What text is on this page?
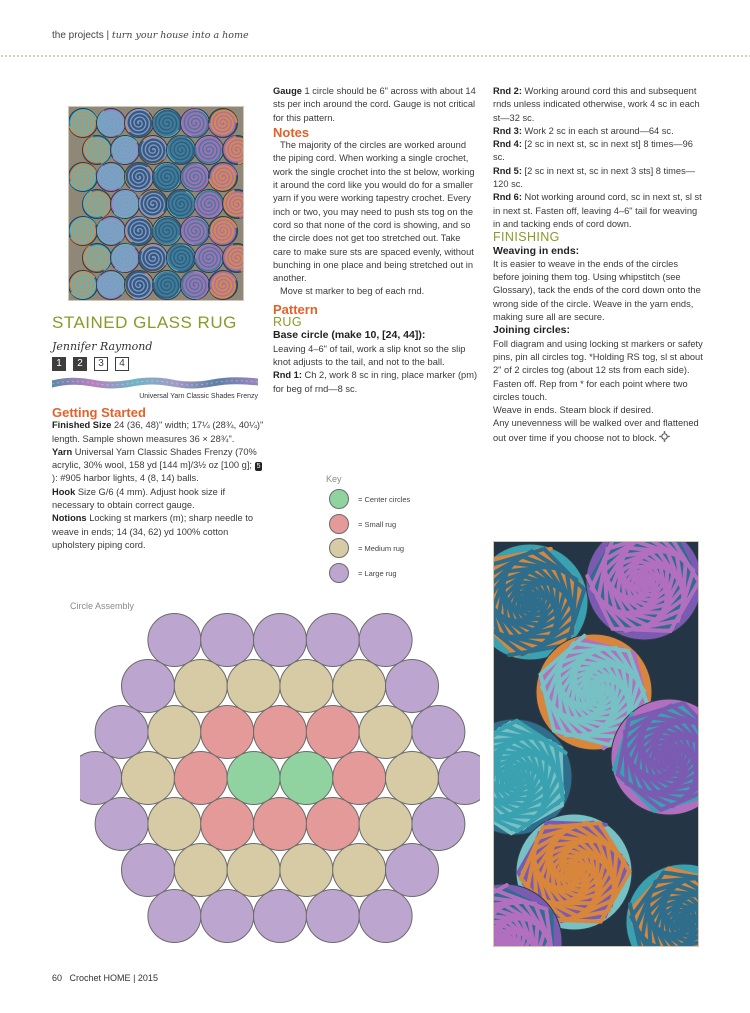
the projects | turn your house into a home
STAINED GLASS RUG
Jennifer Raymond
1	2	3	4
Universal Yarn Classic Shades Frenzy
Getting Started

Finished Size 24 (36, 48)" width; 17¼ (28¾, 40¼)" length. Sample shown measures 36 × 28¾".

Yarn Universal Yarn Classic Shades Frenzy (70% acrylic, 30% wool, 158 yd [144 m]/3½ oz [100 g]; 5): #905 harbor lights, 4 (8, 14) balls.

Hook Size G/6 (4 mm). Adjust hook size if necessary to obtain correct gauge.

Notions Locking st markers (m); sharp needle to weave in ends; 14 (34, 62) yd 100% cotton upholstery piping cord.

Gauge 1 circle should be 6" across with about 14 sts per inch around the cord. Gauge is not critical for this pattern.

Notes

The majority of the circles are worked around the piping cord. When working a single crochet, work the single crochet into the st below, working it around the cord like you would do for a smaller yarn if you were working tapestry crochet. Every inch or two, you may need to push sts tog on the cord so that none of the cord is showing, and so the circle does not get too stretched out. Take care to make sure sts are spaced evenly, without bunching in one place and being stretched out in another.

Move st marker to beg of each rnd.

Pattern
RUG
Base circle (make 10, [24, 44]):

Leaving 4–6" of tail, work a slip knot so the slip knot adjusts to the tail, and not to the ball.

Rnd 1: Ch 2, work 8 sc in ring, place marker (pm) for beg of rnd—8 sc.

Key
= Center circles
= Small rug
= Medium rug
= Large rug

Rnd 2: Working around cord this and subsequent rnds unless indicated otherwise, work 4 sc in each st—32 sc.

Rnd 3: Work 2 sc in each st around—64 sc.

Rnd 4: [2 sc in next st, sc in next st] 8 times—96 sc.

Rnd 5: [2 sc in next st, sc in next 3 sts] 8 times—120 sc.

Rnd 6: Not working around cord, sc in next st, sl st in next st. Fasten off, leaving 4–6" tail for weaving in and tacking ends of cord down.

FINISHING
Weaving in ends:

It is easier to weave in the ends of the circles before joining them tog. Using whipstitch (see Glossary), tack the ends of the cord down onto the wrong side of the circle. Weave in the yarn ends, making sure all are secure.

Joining circles:

Foll diagram and using locking st markers or safety pins, pin all circles tog. *Holding RS tog, sl st about 2" of 2 circles tog (about 12 sts from each side). Fasten off. Rep from * for each point where two circles touch.

Weave in ends. Steam block if desired.

Any unevenness will be walked over and flattened out over time if you choose not to block.

Circle Assembly
60 Crochet HOME | 2015
